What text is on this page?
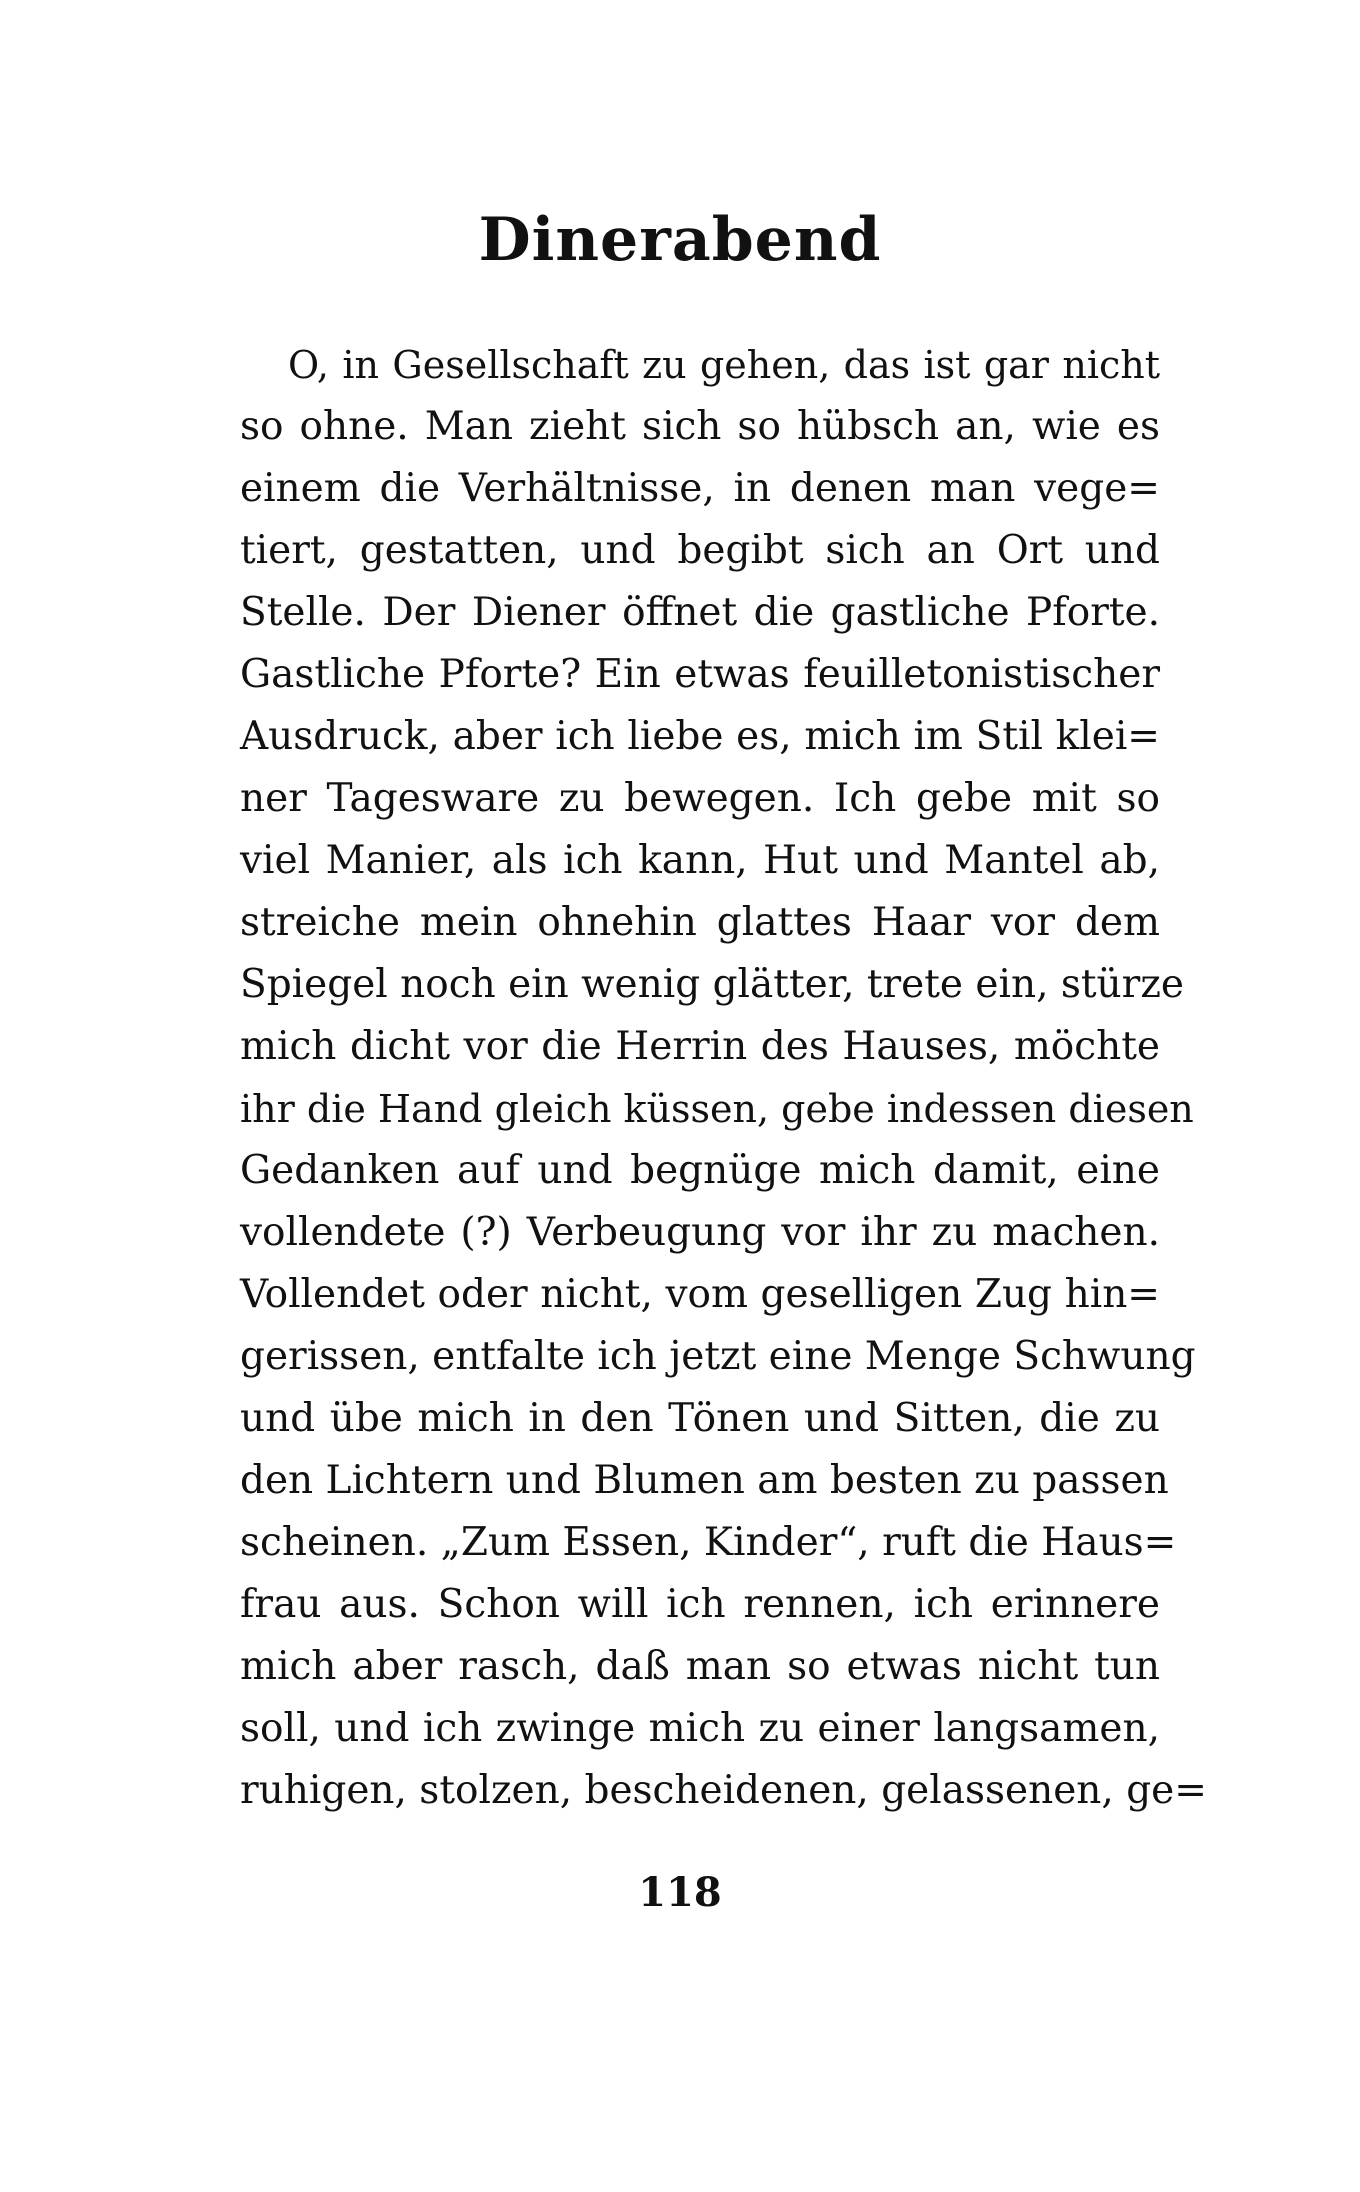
Dinerabend
O, in Gesellschaft zu gehen, das ist gar nicht
so ohne. Man zieht sich so hübsch an, wie es
einem die Verhältnisse, in denen man vege=
tiert, gestatten, und begibt sich an Ort und
Stelle. Der Diener öffnet die gastliche Pforte.
Gastliche Pforte? Ein etwas feuilletonistischer
Ausdruck, aber ich liebe es, mich im Stil klei=
ner Tagesware zu bewegen. Ich gebe mit so
viel Manier, als ich kann, Hut und Mantel ab,
streiche mein ohnehin glattes Haar vor dem
Spiegel noch ein wenig glätter, trete ein, stürze
mich dicht vor die Herrin des Hauses, möchte
ihr die Hand gleich küssen, gebe indessen diesen
Gedanken auf und begnüge mich damit, eine
vollendete (?) Verbeugung vor ihr zu machen.
Vollendet oder nicht, vom geselligen Zug hin=
gerissen, entfalte ich jetzt eine Menge Schwung
und übe mich in den Tönen und Sitten, die zu
den Lichtern und Blumen am besten zu passen
scheinen. „Zum Essen, Kinder“, ruft die Haus=
frau aus. Schon will ich rennen, ich erinnere
mich aber rasch, daß man so etwas nicht tun
soll, und ich zwinge mich zu einer langsamen,
ruhigen, stolzen, bescheidenen, gelassenen, ge=
118
